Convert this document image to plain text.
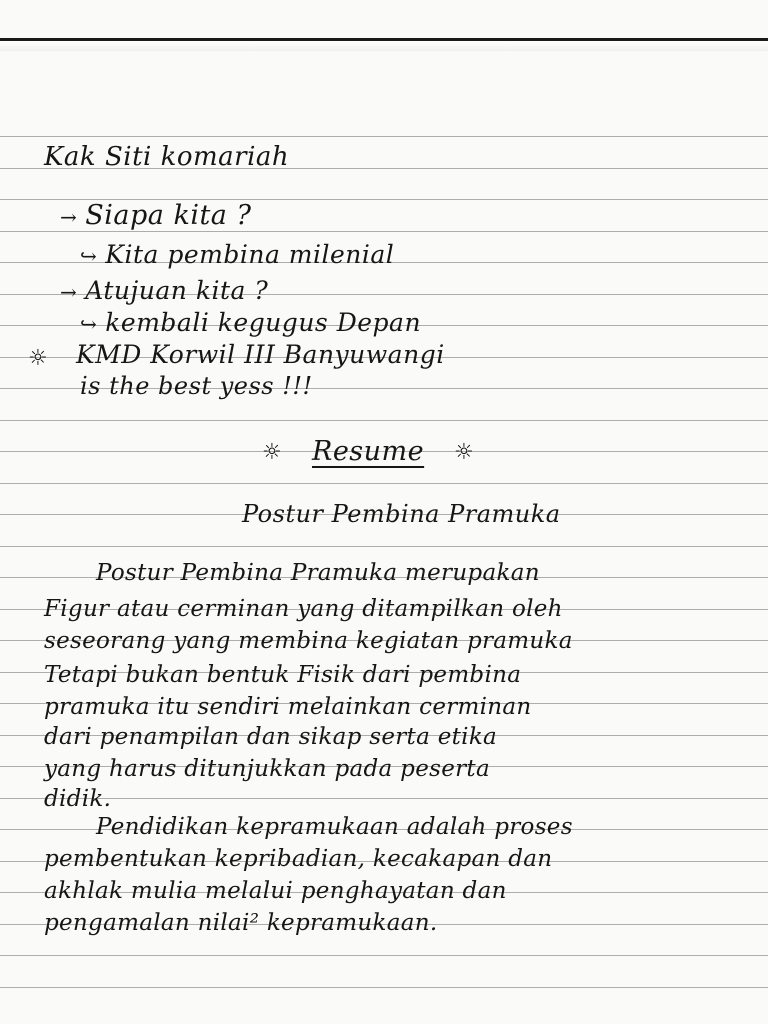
Kak Siti komariah
→ Siapa kita ?
↪ Kita pembina milenial
→ Atujuan kita ?
↪ kembali kegugus Depan
☼ KMD Korwil III Banyuwangi
is the best yess !!!
☼ Resume ☼
Postur Pembina Pramuka
Postur Pembina Pramuka merupakan
Figur atau cerminan yang ditampilkan oleh
seseorang yang membina kegiatan pramuka
Tetapi bukan bentuk Fisik dari pembina
pramuka itu sendiri melainkan cerminan
dari penampilan dan sikap serta etika
yang harus ditunjukkan pada peserta
didik.
Pendidikan kepramukaan adalah proses
pembentukan kepribadian, kecakapan dan
akhlak mulia melalui penghayatan dan
pengamalan nilai² kepramukaan.
